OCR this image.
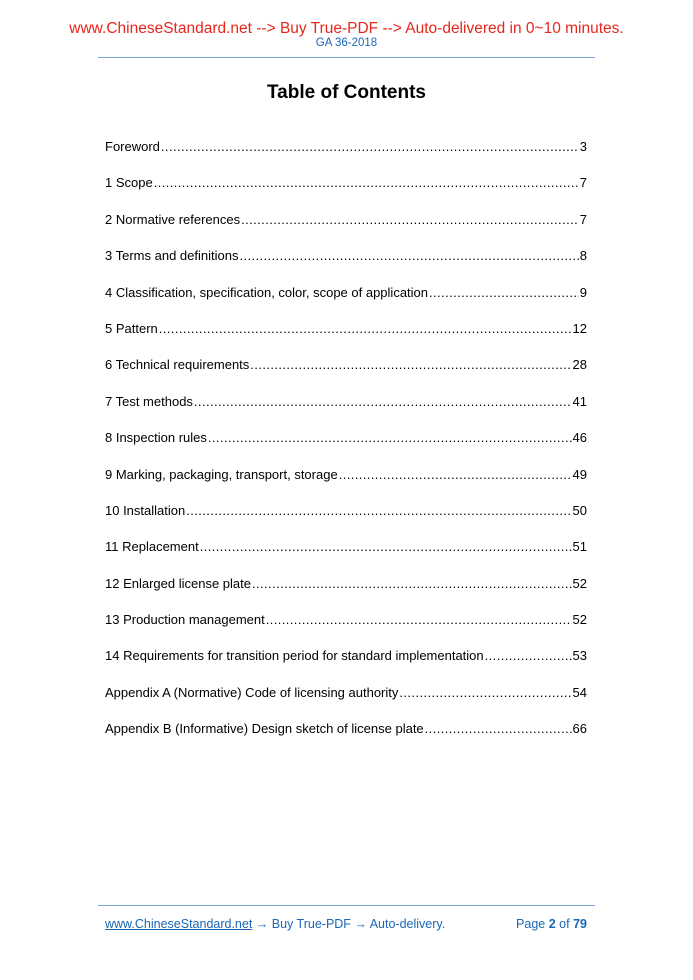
www.ChineseStandard.net --> Buy True-PDF --> Auto-delivered in 0~10 minutes.
GA 36-2018
Table of Contents
Foreword .....	3
1 Scope .....	7
2 Normative references .....	7
3 Terms and definitions .....	8
4 Classification, specification, color, scope of application .....	9
5 Pattern .....	12
6 Technical requirements .....	28
7 Test methods .....	41
8 Inspection rules .....	46
9 Marking, packaging, transport, storage .....	49
10 Installation .....	50
11 Replacement .....	51
12 Enlarged license plate .....	52
13 Production management .....	52
14 Requirements for transition period for standard implementation .....	53
Appendix A (Normative) Code of licensing authority .....	54
Appendix B (Informative) Design sketch of license plate .....	66
www.ChineseStandard.net → Buy True-PDF → Auto-delivery.	Page 2 of 79
